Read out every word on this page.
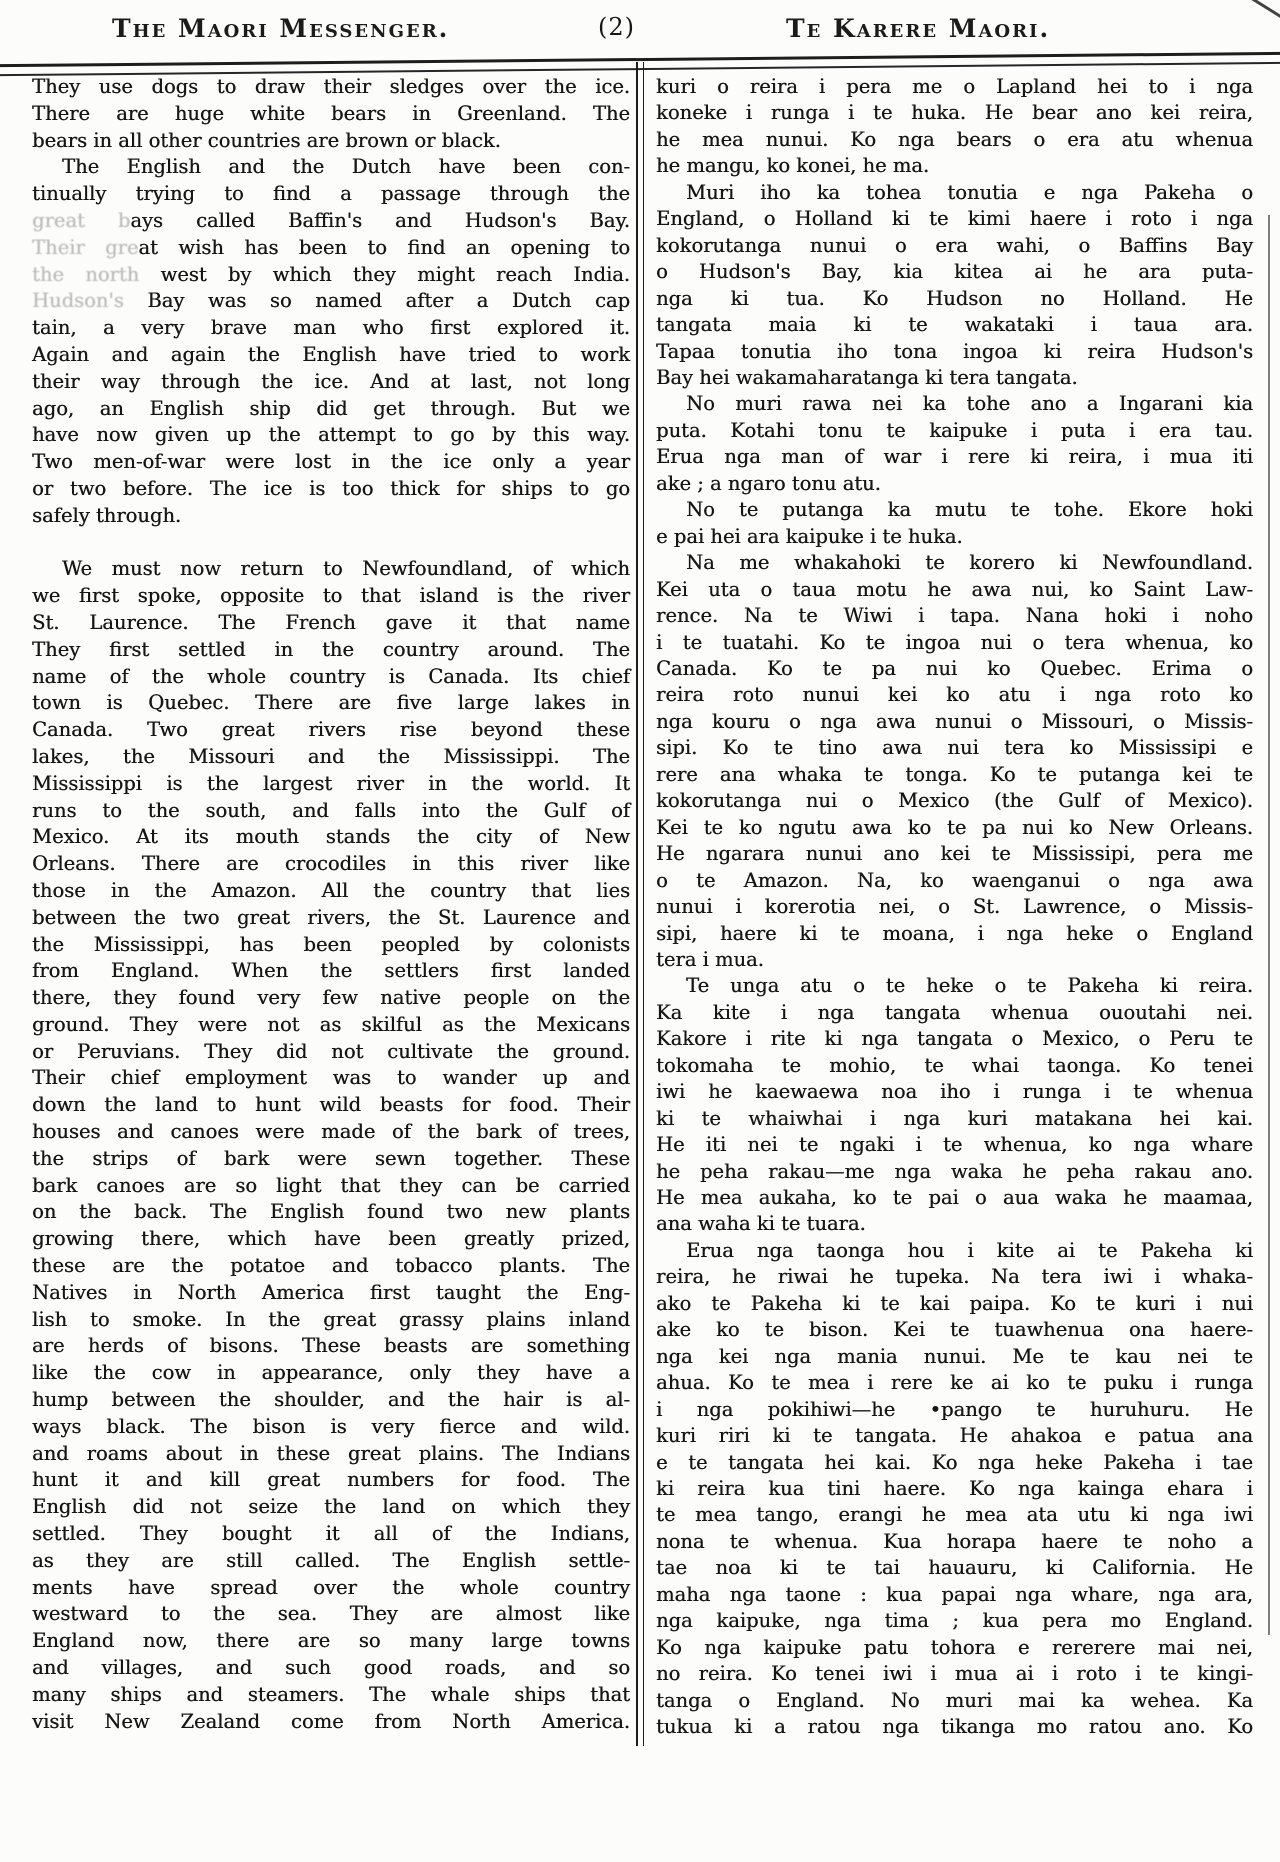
The Maori Messenger.	(2)	Te Karere Maori.
They use dogs to draw their sledges over the ice.
There are huge white bears in Greenland. The
bears in all other countries are brown or black.
The English and the Dutch have been con-
tinually trying to find a passage through the
great bays called Baffin's and Hudson's Bay.
Their great wish has been to find an opening to
the north west by which they might reach India.
Hudson's Bay was so named after a Dutch cap
tain, a very brave man who first explored it.
Again and again the English have tried to work
their way through the ice. And at last, not long
ago, an English ship did get through. But we
have now given up the attempt to go by this way.
Two men-of-war were lost in the ice only a year
or two before. The ice is too thick for ships to go
safely through.
We must now return to Newfoundland, of which
we first spoke, opposite to that island is the river
St. Laurence. The French gave it that name
They first settled in the country around. The
name of the whole country is Canada. Its chief
town is Quebec. There are five large lakes in
Canada. Two great rivers rise beyond these
lakes, the Missouri and the Mississippi. The
Mississippi is the largest river in the world. It
runs to the south, and falls into the Gulf of
Mexico. At its mouth stands the city of New
Orleans. There are crocodiles in this river like
those in the Amazon. All the country that lies
between the two great rivers, the St. Laurence and
the Mississippi, has been peopled by colonists
from England. When the settlers first landed
there, they found very few native people on the
ground. They were not as skilful as the Mexicans
or Peruvians. They did not cultivate the ground.
Their chief employment was to wander up and
down the land to hunt wild beasts for food. Their
houses and canoes were made of the bark of trees,
the strips of bark were sewn together. These
bark canoes are so light that they can be carried
on the back. The English found two new plants
growing there, which have been greatly prized,
these are the potatoe and tobacco plants. The
Natives in North America first taught the Eng-
lish to smoke. In the great grassy plains inland
are herds of bisons. These beasts are something
like the cow in appearance, only they have a
hump between the shoulder, and the hair is al-
ways black. The bison is very fierce and wild.
and roams about in these great plains. The Indians
hunt it and kill great numbers for food. The
English did not seize the land on which they
settled. They bought it all of the Indians,
as they are still called. The English settle-
ments have spread over the whole country
westward to the sea. They are almost like
England now, there are so many large towns
and villages, and such good roads, and so
many ships and steamers. The whale ships that
visit New Zealand come from North America.
kuri o reira i pera me o Lapland hei to i nga
koneke i runga i te huka. He bear ano kei reira,
he mea nunui. Ko nga bears o era atu whenua
he mangu, ko konei, he ma.
Muri iho ka tohea tonutia e nga Pakeha o
England, o Holland ki te kimi haere i roto i nga
kokorutanga nunui o era wahi, o Baffins Bay
o Hudson's Bay, kia kitea ai he ara puta-
nga ki tua. Ko Hudson no Holland. He
tangata maia ki te wakataki i taua ara.
Tapaa tonutia iho tona ingoa ki reira Hudson's
Bay hei wakamaharatanga ki tera tangata.
No muri rawa nei ka tohe ano a Ingarani kia
puta. Kotahi tonu te kaipuke i puta i era tau.
Erua nga man of war i rere ki reira, i mua iti
ake ; a ngaro tonu atu.
No te putanga ka mutu te tohe. Ekore hoki
e pai hei ara kaipuke i te huka.
Na me whakahoki te korero ki Newfoundland.
Kei uta o taua motu he awa nui, ko Saint Law-
rence. Na te Wiwi i tapa. Nana hoki i noho
i te tuatahi. Ko te ingoa nui o tera whenua, ko
Canada. Ko te pa nui ko Quebec. Erima o
reira roto nunui kei ko atu i nga roto ko
nga kouru o nga awa nunui o Missouri, o Missis-
sipi. Ko te tino awa nui tera ko Mississipi e
rere ana whaka te tonga. Ko te putanga kei te
kokorutanga nui o Mexico (the Gulf of Mexico).
Kei te ko ngutu awa ko te pa nui ko New Orleans.
He ngarara nunui ano kei te Mississipi, pera me
o te Amazon. Na, ko waenganui o nga awa
nunui i korerotia nei, o St. Lawrence, o Missis-
sipi, haere ki te moana, i nga heke o England
tera i mua.
Te unga atu o te heke o te Pakeha ki reira.
Ka kite i nga tangata whenua ououtahi nei.
Kakore i rite ki nga tangata o Mexico, o Peru te
tokomaha te mohio, te whai taonga. Ko tenei
iwi he kaewaewa noa iho i runga i te whenua
ki te whaiwhai i nga kuri matakana hei kai.
He iti nei te ngaki i te whenua, ko nga whare
he peha rakau—me nga waka he peha rakau ano.
He mea aukaha, ko te pai o aua waka he maamaa,
ana waha ki te tuara.
Erua nga taonga hou i kite ai te Pakeha ki
reira, he riwai he tupeka. Na tera iwi i whaka-
ako te Pakeha ki te kai paipa. Ko te kuri i nui
ake ko te bison. Kei te tuawhenua ona haere-
nga kei nga mania nunui. Me te kau nei te
ahua. Ko te mea i rere ke ai ko te puku i runga
i nga pokihiwi—he •pango te huruhuru. He
kuri riri ki te tangata. He ahakoa e patua ana
e te tangata hei kai. Ko nga heke Pakeha i tae
ki reira kua tini haere. Ko nga kainga ehara i
te mea tango, erangi he mea ata utu ki nga iwi
nona te whenua. Kua horapa haere te noho a
tae noa ki te tai hauauru, ki California. He
maha nga taone : kua papai nga whare, nga ara,
nga kaipuke, nga tima ; kua pera mo England.
Ko nga kaipuke patu tohora e rererere mai nei,
no reira. Ko tenei iwi i mua ai i roto i te kingi-
tanga o England. No muri mai ka wehea. Ka
tukua ki a ratou nga tikanga mo ratou ano. Ko
